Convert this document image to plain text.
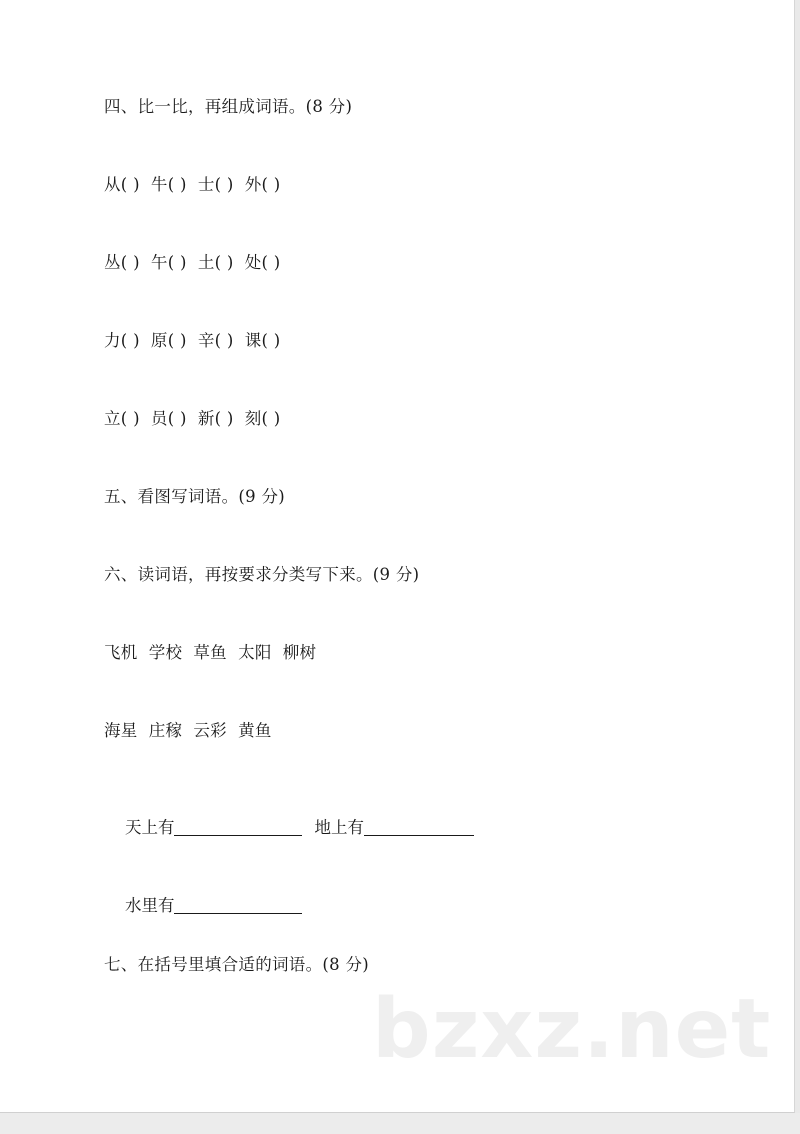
四、比一比，再组成词语。(8 分)
从( )  牛( )  士( )  外( )
丛( )  午( )  土( )  处( )
力( )  原( )  辛( )  课( )
立( )  员( )  新( )  刻( )
五、看图写词语。(9 分)
六、读词语，再按要求分类写下来。(9 分)
飞机  学校  草鱼  太阳  柳树
海星  庄稼  云彩  黄鱼

天上有	地上有

水里有

七、在括号里填合适的词语。(8 分)
bzxz.net
